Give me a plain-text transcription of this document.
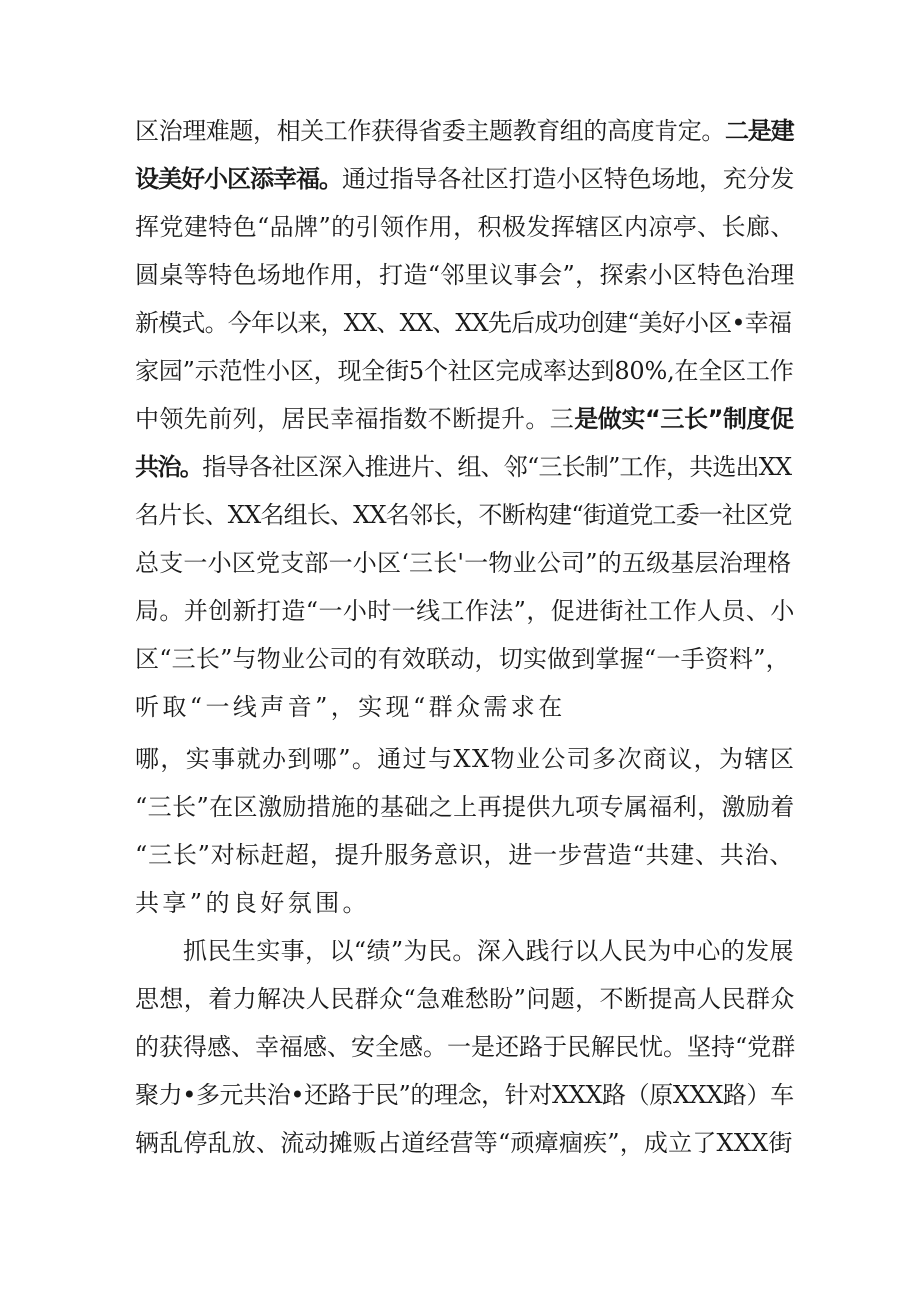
区治理难题，相关工作获得省委主题教育组的高度肯定。二是建
设美好小区添幸福。通过指导各社区打造小区特色场地，充分发
挥党建特色“品牌”的引领作用，积极发挥辖区内凉亭、长廊、
圆桌等特色场地作用，打造“邻里议事会”，探索小区特色治理
新模式。今年以来，XX、XX、XX先后成功创建“美好小区•幸福
家园”示范性小区，现全街5个社区完成率达到80%,在全区工作
中领先前列，居民幸福指数不断提升。三是做实“三长”制度促
共治。指导各社区深入推进片、组、邻“三长制”工作，共选出XX
名片长、XX名组长、XX名邻长，不断构建“街道党工委一社区党
总支一小区党支部一小区‘三长'一物业公司”的五级基层治理格
局。并创新打造“一小时一线工作法”，促进街社工作人员、小
区“三长”与物业公司的有效联动，切实做到掌握“一手资料”，
听取“一线声音”，实现“群众需求在
哪，实事就办到哪”。通过与XX物业公司多次商议，为辖区
“三长”在区激励措施的基础之上再提供九项专属福利，激励着
“三长”对标赶超，提升服务意识，进一步营造“共建、共治、
共享”的良好氛围。
抓民生实事，以“绩”为民。深入践行以人民为中心的发展
思想，着力解决人民群众“急难愁盼”问题，不断提高人民群众
的获得感、幸福感、安全感。一是还路于民解民忧。坚持“党群
聚力•多元共治•还路于民”的理念，针对XXX路（原XXX路）车
辆乱停乱放、流动摊贩占道经营等“顽瘴痼疾”，成立了XXX街
